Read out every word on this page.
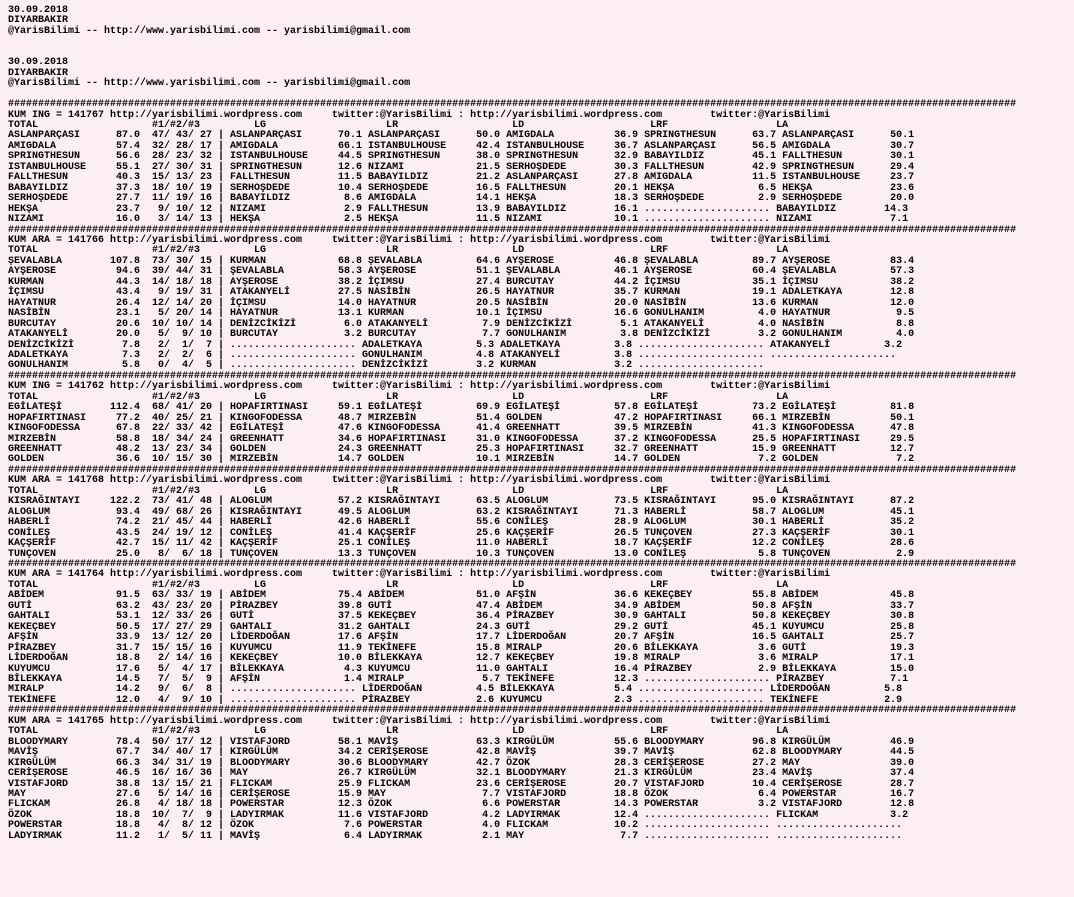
30.09.2018
DIYARBAKIR
@YarisBilimi -- http://www.yarisbilimi.com -- yarisbilimi@gmail.com
30.09.2018
DIYARBAKIR
@YarisBilimi -- http://www.yarisbilimi.com -- yarisbilimi@gmail.com
########################################################################################################################################################################
KUM ING = 141767 http://yarisbilimi.wordpress.com     twitter:@YarisBilimi : http://yarisbilimi.wordpress.com        twitter:@YarisBilimi
TOTAL                   #1/#2/#3         LG                    LR                   LD                     LRF                  LA
ASLANPARÇASI      87.0  47/ 43/ 27 | ASLANPARÇASI      70.1 ASLANPARÇASI      50.0 AMIGDALA          36.9 SPRINGTHESUN      63.7 ASLANPARÇASI      50.1
AMIGDALA          57.4  32/ 28/ 17 | AMIGDALA          66.1 ISTANBULHOUSE     42.4 ISTANBULHOUSE     36.7 ASLANPARÇASI      56.5 AMIGDALA          30.7
SPRINGTHESUN      56.6  28/ 23/ 32 | ISTANBULHOUSE     44.5 SPRINGTHESUN      38.0 SPRINGTHESUN      32.9 BABAYILDIZ        45.1 FALLTHESUN        30.1
ISTANBULHOUSE     55.1  27/ 30/ 31 | SPRINGTHESUN      12.6 NIZAMI            21.5 SERHOŞDEDE        30.3 FALLTHESUN        42.9 SPRINGTHESUN      29.4
FALLTHESUN        40.3  15/ 13/ 23 | FALLTHESUN        11.5 BABAYILDIZ        21.2 ASLANPARÇASI      27.8 AMIGDALA          11.5 ISTANBULHOUSE     23.7
BABAYILDIZ        37.3  18/ 10/ 19 | SERHOŞDEDE        10.4 SERHOŞDEDE        16.5 FALLTHESUN        20.1 HEKŞA              6.5 HEKŞA             23.6
SERHOŞDEDE        27.7  11/ 19/ 16 | BABAYILDIZ         8.6 AMIGDALA          14.1 HEKŞA             18.3 SERHOŞDEDE         2.9 SERHOŞDEDE        20.0
HEKŞA             23.7   9/ 10/ 12 | NIZAMI             2.9 FALLTHESUN        13.9 BABAYILDIZ        16.1 ..................... BABAYILDIZ        14.3
NIZAMI            16.0   3/ 14/ 13 | HEKŞA              2.5 HEKŞA             11.5 NIZAMI            10.1 ..................... NIZAMI             7.1
########################################################################################################################################################################
KUM ARA = 141766 http://yarisbilimi.wordpress.com     twitter:@YarisBilimi : http://yarisbilimi.wordpress.com        twitter:@YarisBilimi
TOTAL                   #1/#2/#3         LG                    LR                   LD                     LRF                  LA
ŞEVALABLA        107.8  73/ 30/ 15 | KURMAN            68.8 ŞEVALABLA         64.6 AYŞEROSE          46.8 ŞEVALABLA         89.7 AYŞEROSE          83.4
AYŞEROSE          94.6  39/ 44/ 31 | ŞEVALABLA         58.3 AYŞEROSE          51.1 ŞEVALABLA         46.1 AYŞEROSE          60.4 ŞEVALABLA         57.3
KURMAN            44.3  14/ 18/ 18 | AYŞEROSE          38.2 İÇIMSU            27.4 BURCUTAY          44.2 İÇIMSU            35.1 İÇIMSU            38.2
İÇIMSU            43.4   9/ 19/ 31 | ATAKANYELİ        27.5 NASİBİN           26.5 HAYATNUR          35.7 KURMAN            19.1 ADALETKAYA        12.8
HAYATNUR          26.4  12/ 14/ 20 | İÇIMSU            14.0 HAYATNUR          20.5 NASİBİN           20.0 NASİBİN           13.6 KURMAN            12.0
NASİBİN           23.1   5/ 20/ 14 | HAYATNUR          13.1 KURMAN            10.1 İÇIMSU            16.6 GONULHANIM         4.0 HAYATNUR           9.5
BURCUTAY          20.6  10/ 10/ 14 | DENİZCİKİZİ        6.0 ATAKANYELİ         7.9 DENİZCİKİZİ        5.1 ATAKANYELİ         4.0 NASİBİN            8.8
ATAKANYELİ        20.0   5/  9/ 10 | BURCUTAY           3.2 BURCUTAY           7.7 GONULHANIM         3.8 DENİZCİKİZİ        3.2 GONULHANIM         4.0
DENİZCİKİZİ        7.8   2/  1/  7 | ..................... ADALETKAYA         5.3 ADALETKAYA         3.8 ..................... ATAKANYELİ         3.2
ADALETKAYA         7.3   2/  2/  6 | ..................... GONULHANIM         4.8 ATAKANYELİ         3.8 ..................... .....................
GONULHANIM         5.8   0/  4/  5 | ..................... DENİZCİKİZİ        3.2 KURMAN             3.2 .....................
########################################################################################################################################################################
KUM ING = 141762 http://yarisbilimi.wordpress.com     twitter:@YarisBilimi : http://yarisbilimi.wordpress.com        twitter:@YarisBilimi
TOTAL                   #1/#2/#3         LG                    LR                   LD                     LRF                  LA
EGİLATEŞİ        112.4  68/ 41/ 20 | HOPAFIRTINASI     59.1 EGİLATEŞİ         69.9 EGİLATEŞİ         57.8 EGİLATEŞİ         73.2 EGİLATEŞİ         81.8
HOPAFIRTINASI     77.2  40/ 25/ 21 | KINGOFODESSA      48.7 MIRZEBİN          51.4 GOLDEN            47.2 HOPAFIRTINASI     66.1 MIRZEBİN          50.1
KINGOFODESSA      67.8  22/ 33/ 42 | EGİLATEŞİ         47.6 KINGOFODESSA      41.4 GREENHATT         39.5 MIRZEBİN          41.3 KINGOFODESSA      47.8
MIRZEBİN          58.8  18/ 34/ 24 | GREENHATT         34.6 HOPAFIRTINASI     31.0 KINGOFODESSA      37.2 KINGOFODESSA      25.5 HOPAFIRTINASI     29.5
GREENHATT         48.2  13/ 23/ 34 | GOLDEN            24.3 GREENHATT         25.3 HOPAFIRTINASI     32.7 GREENHATT         15.9 GREENHATT         12.7
GOLDEN            36.6  10/ 15/ 30 | MIRZEBİN          14.7 GOLDEN            10.1 MIRZEBİN          14.7 GOLDEN             7.2 GOLDEN             7.2
########################################################################################################################################################################
KUM ARA = 141768 http://yarisbilimi.wordpress.com     twitter:@YarisBilimi : http://yarisbilimi.wordpress.com        twitter:@YarisBilimi
TOTAL                   #1/#2/#3         LG                    LR                   LD                     LRF                  LA
KISRAĞINTAYI     122.2  73/ 41/ 48 | ALOGLUM           57.2 KISRAĞINTAYI      63.5 ALOGLUM           73.5 KISRAĞINTAYI      95.0 KISRAĞINTAYI      87.2
ALOGLUM           93.4  49/ 68/ 26 | KISRAĞINTAYI      49.5 ALOGLUM           63.2 KISRAĞINTAYI      71.3 HABERLİ           58.7 ALOGLUM           45.1
HABERLİ           74.2  21/ 45/ 44 | HABERLİ           42.6 HABERLİ           55.6 CONİLEŞ           28.9 ALOGLUM           30.1 HABERLİ           35.2
CONİLEŞ           43.5  24/ 19/ 12 | CONİLEŞ           41.4 KAÇŞERİF          25.6 KAÇŞERİF          26.5 TUNÇOVEN          27.3 KAÇŞERİF          30.1
KAÇŞERİF          42.7  15/ 11/ 42 | KAÇŞERİF          25.1 CONİLEŞ           11.0 HABERLİ           18.7 KAÇŞERİF          12.2 CONİLEŞ           28.6
TUNÇOVEN          25.0   8/  6/ 18 | TUNÇOVEN          13.3 TUNÇOVEN          10.3 TUNÇOVEN          13.0 CONİLEŞ            5.8 TUNÇOVEN           2.9
########################################################################################################################################################################
KUM ARA = 141764 http://yarisbilimi.wordpress.com     twitter:@YarisBilimi : http://yarisbilimi.wordpress.com        twitter:@YarisBilimi
TOTAL                   #1/#2/#3         LG                    LR                   LD                     LRF                  LA
ABİDEM            91.5  63/ 33/ 19 | ABİDEM            75.4 ABİDEM            51.0 AFŞİN             36.6 KEKEÇBEY          55.8 ABİDEM            45.8
GUTİ              63.2  43/ 23/ 20 | PİRAZBEY          39.8 GUTİ              47.4 ABİDEM            34.9 ABİDEM            50.8 AFŞİN             33.7
GAHTALI           53.1  12/ 33/ 26 | GUTİ              37.5 KEKEÇBEY          36.4 PİRAZBEY          30.9 GAHTALI           50.8 KEKEÇBEY          30.8
KEKEÇBEY          50.5  17/ 27/ 29 | GAHTALI           31.2 GAHTALI           24.3 GUTİ              29.2 GUTİ              45.1 KUYUMCU           25.8
AFŞİN             33.9  13/ 12/ 20 | LİDERDOĞAN        17.6 AFŞİN             17.7 LİDERDOĞAN        20.7 AFŞİN             16.5 GAHTALI           25.7
PİRAZBEY          31.7  15/ 15/ 16 | KUYUMCU           11.9 TEKİNEFE          15.8 MIRALP            20.6 BİLEKKAYA          3.6 GUTİ              19.3
LİDERDOĞAN        18.8   2/ 14/ 16 | KEKEÇBEY          10.0 BİLEKKAYA         12.7 KEKEÇBEY          19.8 MIRALP             3.6 MIRALP            17.1
KUYUMCU           17.6   5/  4/ 17 | BİLEKKAYA          4.3 KUYUMCU           11.0 GAHTALI           16.4 PİRAZBEY           2.9 BİLEKKAYA         15.0
BİLEKKAYA         14.5   7/  5/  9 | AFŞİN              1.4 MIRALP             5.7 TEKİNEFE          12.3 ..................... PİRAZBEY           7.1
MIRALP            14.2   9/  6/  8 | ..................... LİDERDOĞAN         4.5 BİLEKKAYA          5.4 ..................... LİDERDOĞAN         5.8
TEKİNEFE          12.0   4/  9/ 10 | ..................... PİRAZBEY           2.6 KUYUMCU            2.3 ..................... TEKİNEFE           2.9
########################################################################################################################################################################
KUM ARA = 141765 http://yarisbilimi.wordpress.com     twitter:@YarisBilimi : http://yarisbilimi.wordpress.com        twitter:@YarisBilimi
TOTAL                   #1/#2/#3         LG                    LR                   LD                     LRF                  LA
BLOODYMARY        78.4  50/ 17/ 12 | VISTAFJORD        58.1 MAVİŞ             63.3 KIRGÜLÜM          55.6 BLOODYMARY        96.8 KIRGÜLÜM          46.9
MAVİŞ             67.7  34/ 40/ 17 | KIRGÜLÜM          34.2 CERİŞEROSE        42.8 MAVİŞ             39.7 MAVİŞ             62.8 BLOODYMARY        44.5
KIRGÜLÜM          66.3  34/ 31/ 19 | BLOODYMARY        30.6 BLOODYMARY        42.7 ÖZOK              28.3 CERİŞEROSE        27.2 MAY               39.0
CERİŞEROSE        46.5  16/ 16/ 36 | MAY               26.7 KIRGÜLÜM          32.1 BLOODYMARY        21.3 KIRGÜLÜM          23.4 MAVİŞ             37.4
VISTAFJORD        38.8  13/ 15/ 21 | FLICKAM           25.9 FLICKAM           23.6 CERİŞEROSE        20.7 VISTAFJORD        10.4 CERİŞEROSE        28.7
MAY               27.6   5/ 14/ 16 | CERİŞEROSE        15.9 MAY                7.7 VISTAFJORD        18.8 ÖZOK               6.4 POWERSTAR         16.7
FLICKAM           26.8   4/ 18/ 18 | POWERSTAR         12.3 ÖZOK               6.6 POWERSTAR         14.3 POWERSTAR          3.2 VISTAFJORD        12.8
ÖZOK              18.8  10/  7/  9 | LADYIRMAK         11.6 VISTAFJORD         4.2 LADYIRMAK         12.4 ..................... FLICKAM            3.2
POWERSTAR         18.8   4/  8/ 12 | ÖZOK               7.6 POWERSTAR          4.0 FLICKAM           10.2 ..................... .....................
LADYIRMAK         11.2   1/  5/ 11 | MAVİŞ              6.4 LADYIRMAK          2.1 MAY                7.7 ..................... .....................
